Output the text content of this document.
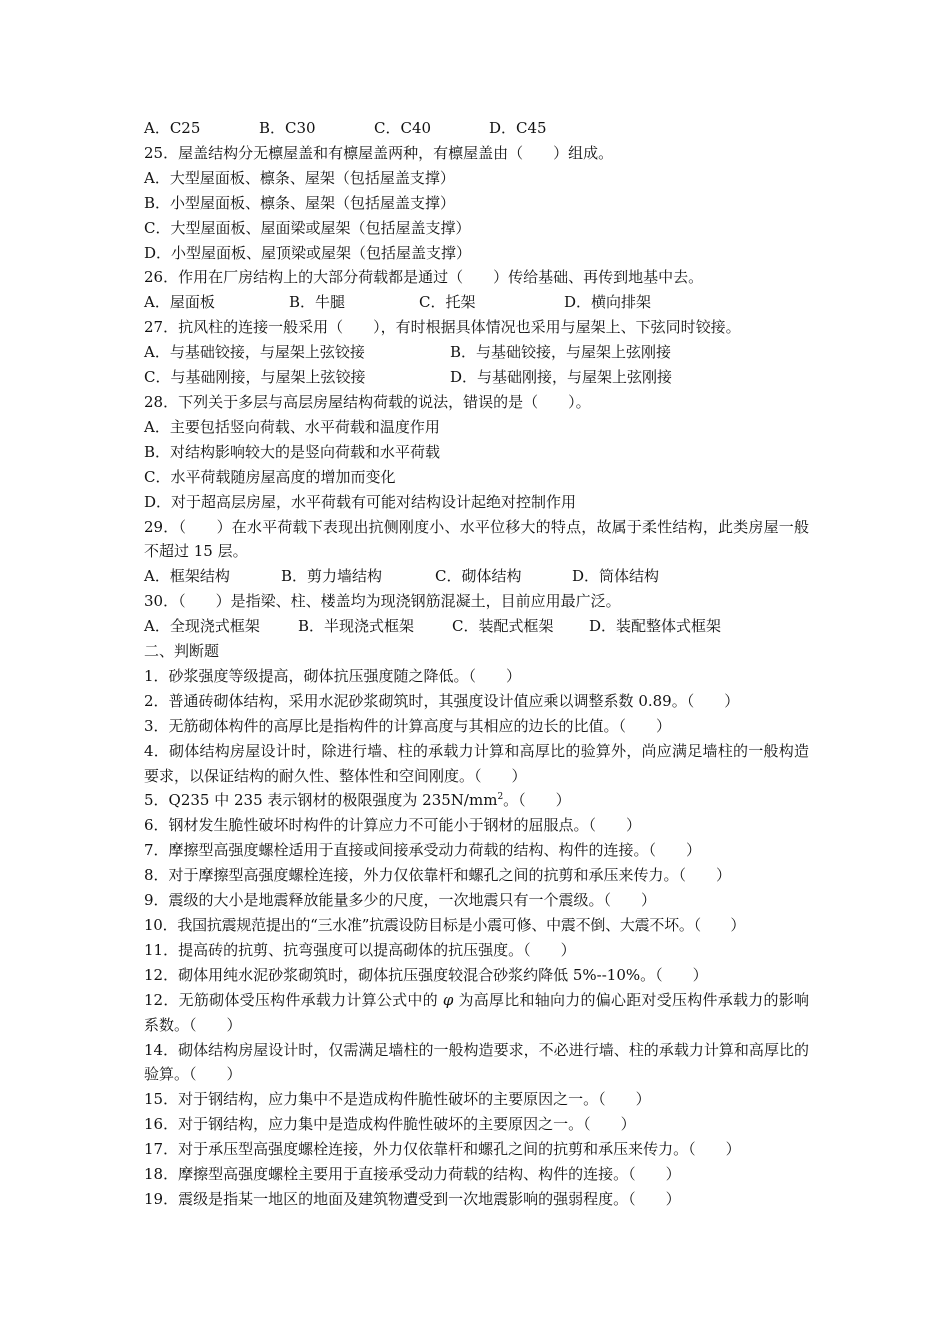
A．C25	B．C30	C．C40	D．C45
25．屋盖结构分无檩屋盖和有檩屋盖两种，有檩屋盖由（　　）组成。
A．大型屋面板、檩条、屋架（包括屋盖支撑）
B．小型屋面板、檩条、屋架（包括屋盖支撑）
C．大型屋面板、屋面梁或屋架（包括屋盖支撑）
D．小型屋面板、屋顶梁或屋架（包括屋盖支撑）
26．作用在厂房结构上的大部分荷载都是通过（　　）传给基础、再传到地基中去。
A．屋面板	B．牛腿	C．托架	D．横向排架
27．抗风柱的连接一般采用（　　），有时根据具体情况也采用与屋架上、下弦同时铰接。
A．与基础铰接，与屋架上弦铰接	B．与基础铰接，与屋架上弦刚接
C．与基础刚接，与屋架上弦铰接	D．与基础刚接，与屋架上弦刚接
28．下列关于多层与高层房屋结构荷载的说法，错误的是（　　）。
A．主要包括竖向荷载、水平荷载和温度作用
B．对结构影响较大的是竖向荷载和水平荷载
C．水平荷载随房屋高度的增加而变化
D．对于超高层房屋，水平荷载有可能对结构设计起绝对控制作用
29．（　　）在水平荷载下表现出抗侧刚度小、水平位移大的特点，故属于柔性结构，此类房屋一般不超过 15 层。
A．框架结构	B．剪力墙结构	C．砌体结构	D．筒体结构
30．（　　）是指梁、柱、楼盖均为现浇钢筋混凝土，目前应用最广泛。
A．全现浇式框架	B．半现浇式框架	C．装配式框架	D．装配整体式框架
二、判断题
1．砂浆强度等级提高，砌体抗压强度随之降低。（　　）
2．普通砖砌体结构，采用水泥砂浆砌筑时，其强度设计值应乘以调整系数 0.89。（　　）
3．无筋砌体构件的高厚比是指构件的计算高度与其相应的边长的比值。（　　）
4．砌体结构房屋设计时，除进行墙、柱的承载力计算和高厚比的验算外，尚应满足墙柱的一般构造要求，以保证结构的耐久性、整体性和空间刚度。（　　）
5．Q235 中 235 表示钢材的极限强度为 $235N/mm^2$。（　　）
6．钢材发生脆性破坏时构件的计算应力不可能小于钢材的屈服点。（　　）
7．摩擦型高强度螺栓适用于直接或间接承受动力荷载的结构、构件的连接。（　　）
8．对于摩擦型高强度螺栓连接，外力仅依靠杆和螺孔之间的抗剪和承压来传力。（　　）
9．震级的大小是地震释放能量多少的尺度，一次地震只有一个震级。（　　）
10．我国抗震规范提出的“三水准”抗震设防目标是小震可修、中震不倒、大震不坏。（　　）
11．提高砖的抗剪、抗弯强度可以提高砌体的抗压强度。（　　）
12．砌体用纯水泥砂浆砌筑时，砌体抗压强度较混合砂浆约降低 5%--10%。（　　）
12．无筋砌体受压构件承载力计算公式中的 φ 为高厚比和轴向力的偏心距对受压构件承载力的影响系数。（　　）
14．砌体结构房屋设计时，仅需满足墙柱的一般构造要求，不必进行墙、柱的承载力计算和高厚比的验算。（　　）
15．对于钢结构，应力集中不是造成构件脆性破坏的主要原因之一。（　　）
16．对于钢结构，应力集中是造成构件脆性破坏的主要原因之一。（　　）
17．对于承压型高强度螺栓连接，外力仅依靠杆和螺孔之间的抗剪和承压来传力。（　　）
18．摩擦型高强度螺栓主要用于直接承受动力荷载的结构、构件的连接。（　　）
19．震级是指某一地区的地面及建筑物遭受到一次地震影响的强弱程度。（　　）
